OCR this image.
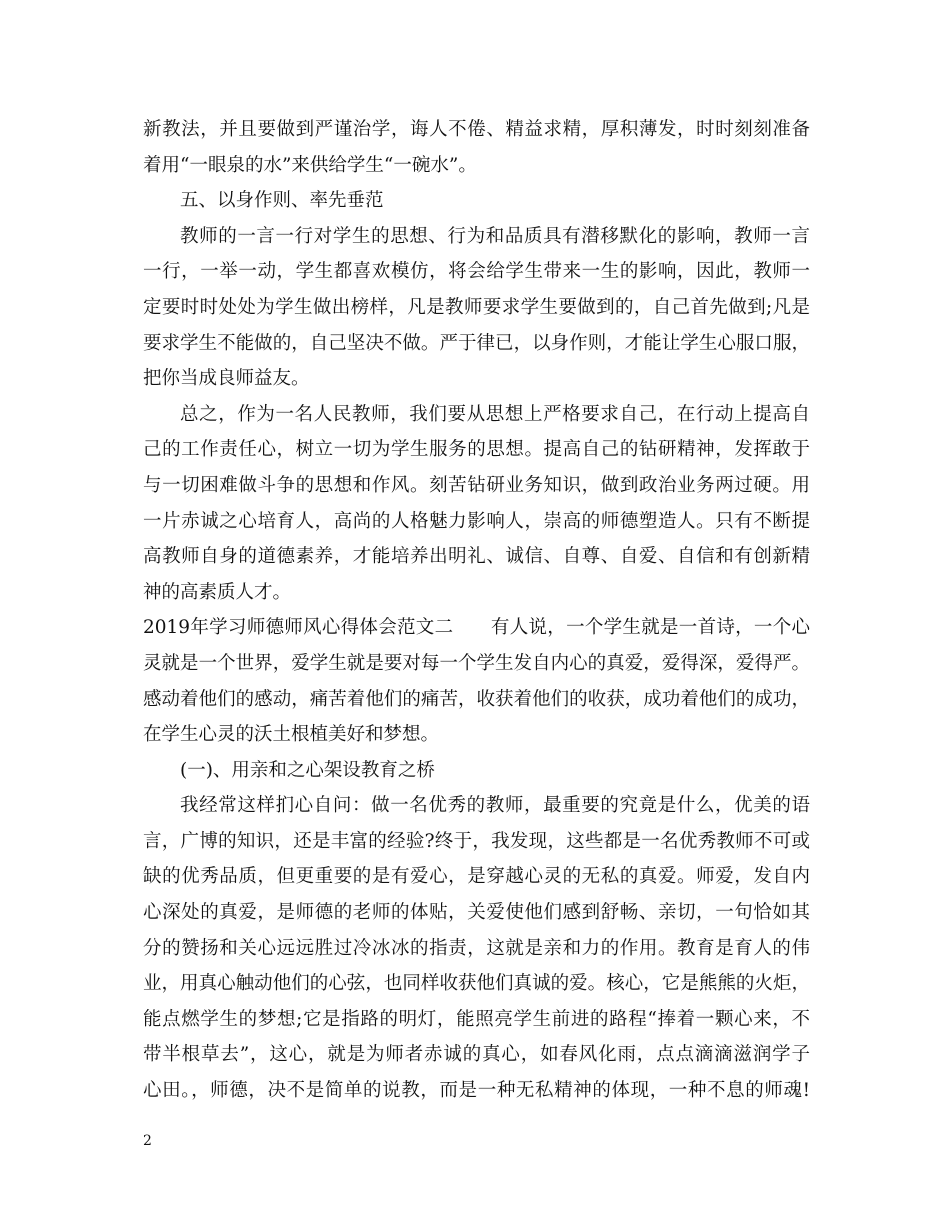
新教法，并且要做到严谨治学，诲人不倦、精益求精，厚积薄发，时时刻刻准备
着用“一眼泉的水”来供给学生“一碗水”。
五、以身作则、率先垂范
教师的一言一行对学生的思想、行为和品质具有潜移默化的影响，教师一言
一行，一举一动，学生都喜欢模仿，将会给学生带来一生的影响，因此，教师一
定要时时处处为学生做出榜样，凡是教师要求学生要做到的，自己首先做到;凡是
要求学生不能做的，自己坚决不做。严于律已，以身作则，才能让学生心服口服，
把你当成良师益友。
总之，作为一名人民教师，我们要从思想上严格要求自己，在行动上提高自
己的工作责任心，树立一切为学生服务的思想。提高自己的钻研精神，发挥敢于
与一切困难做斗争的思想和作风。刻苦钻研业务知识，做到政治业务两过硬。用
一片赤诚之心培育人，高尚的人格魅力影响人，崇高的师德塑造人。只有不断提
高教师自身的道德素养，才能培养出明礼、诚信、自尊、自爱、自信和有创新精
神的高素质人才。
2019年学习师德师风心得体会范文二　　有人说，一个学生就是一首诗，一个心
灵就是一个世界，爱学生就是要对每一个学生发自内心的真爱，爱得深，爱得严。
感动着他们的感动，痛苦着他们的痛苦，收获着他们的收获，成功着他们的成功，
在学生心灵的沃土根植美好和梦想。
(一)、用亲和之心架设教育之桥
我经常这样扪心自问：做一名优秀的教师，最重要的究竟是什么，优美的语
言，广博的知识，还是丰富的经验?终于，我发现，这些都是一名优秀教师不可或
缺的优秀品质，但更重要的是有爱心，是穿越心灵的无私的真爱。师爱，发自内
心深处的真爱，是师德的老师的体贴，关爱使他们感到舒畅、亲切，一句恰如其
分的赞扬和关心远远胜过冷冰冰的指责，这就是亲和力的作用。教育是育人的伟
业，用真心触动他们的心弦，也同样收获他们真诚的爱。核心，它是熊熊的火炬，
能点燃学生的梦想;它是指路的明灯，能照亮学生前进的路程“捧着一颗心来，不
带半根草去”，这心，就是为师者赤诚的真心，如春风化雨，点点滴滴滋润学子
心田。，师德，决不是简单的说教，而是一种无私精神的体现，一种不息的师魂!
2
